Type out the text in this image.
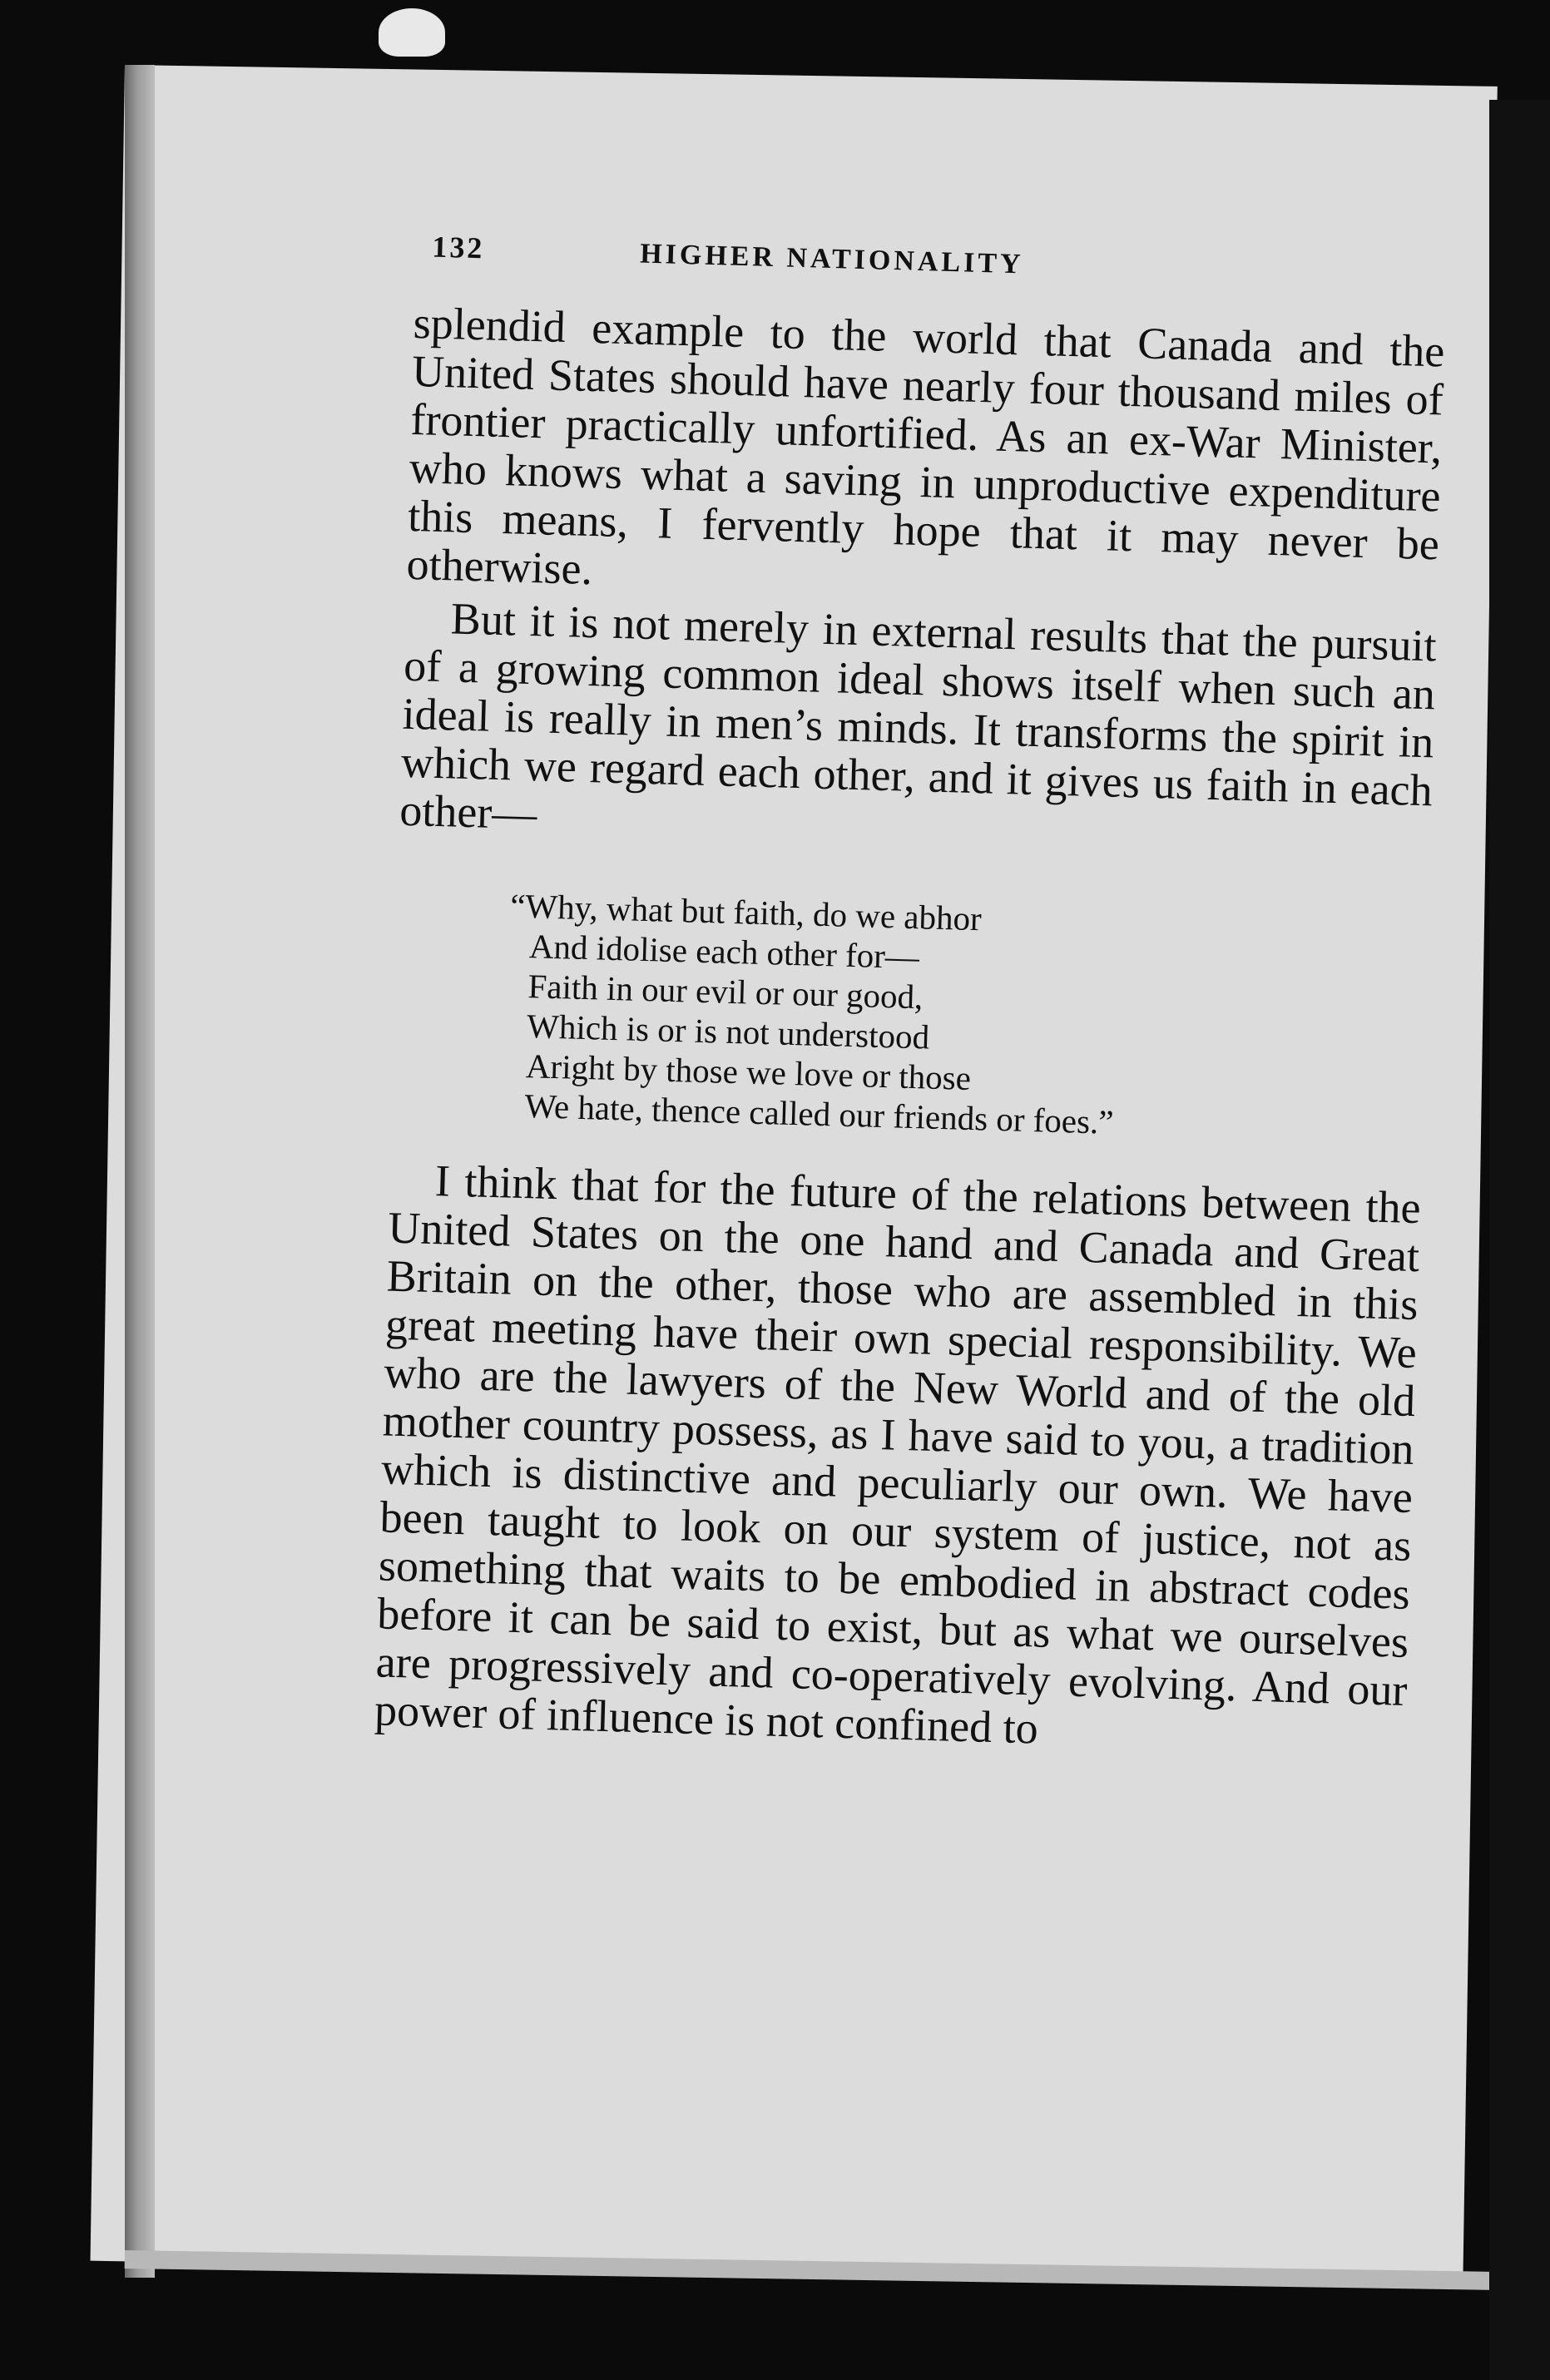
132	HIGHER NATIONALITY

splendid example to the world that Canada and the United States should have nearly four thousand miles of frontier practically unfortified. As an ex-War Minister, who knows what a saving in unproductive expenditure this means, I fervently hope that it may never be otherwise.

But it is not merely in external results that the pursuit of a growing common ideal shows itself when such an ideal is really in men’s minds. It transforms the spirit in which we regard each other, and it gives us faith in each other—

“Why, what but faith, do we abhor
And idolise each other for—
Faith in our evil or our good,
Which is or is not understood
Aright by those we love or those
We hate, thence called our friends or foes.”

I think that for the future of the relations between the United States on the one hand and Canada and Great Britain on the other, those who are assembled in this great meeting have their own special responsibility. We who are the lawyers of the New World and of the old mother country possess, as I have said to you, a tradition which is distinctive and peculiarly our own. We have been taught to look on our system of justice, not as something that waits to be embodied in abstract codes before it can be said to exist, but as what we ourselves are progressively and co-operatively evolving. And our power of influence is not confined to
